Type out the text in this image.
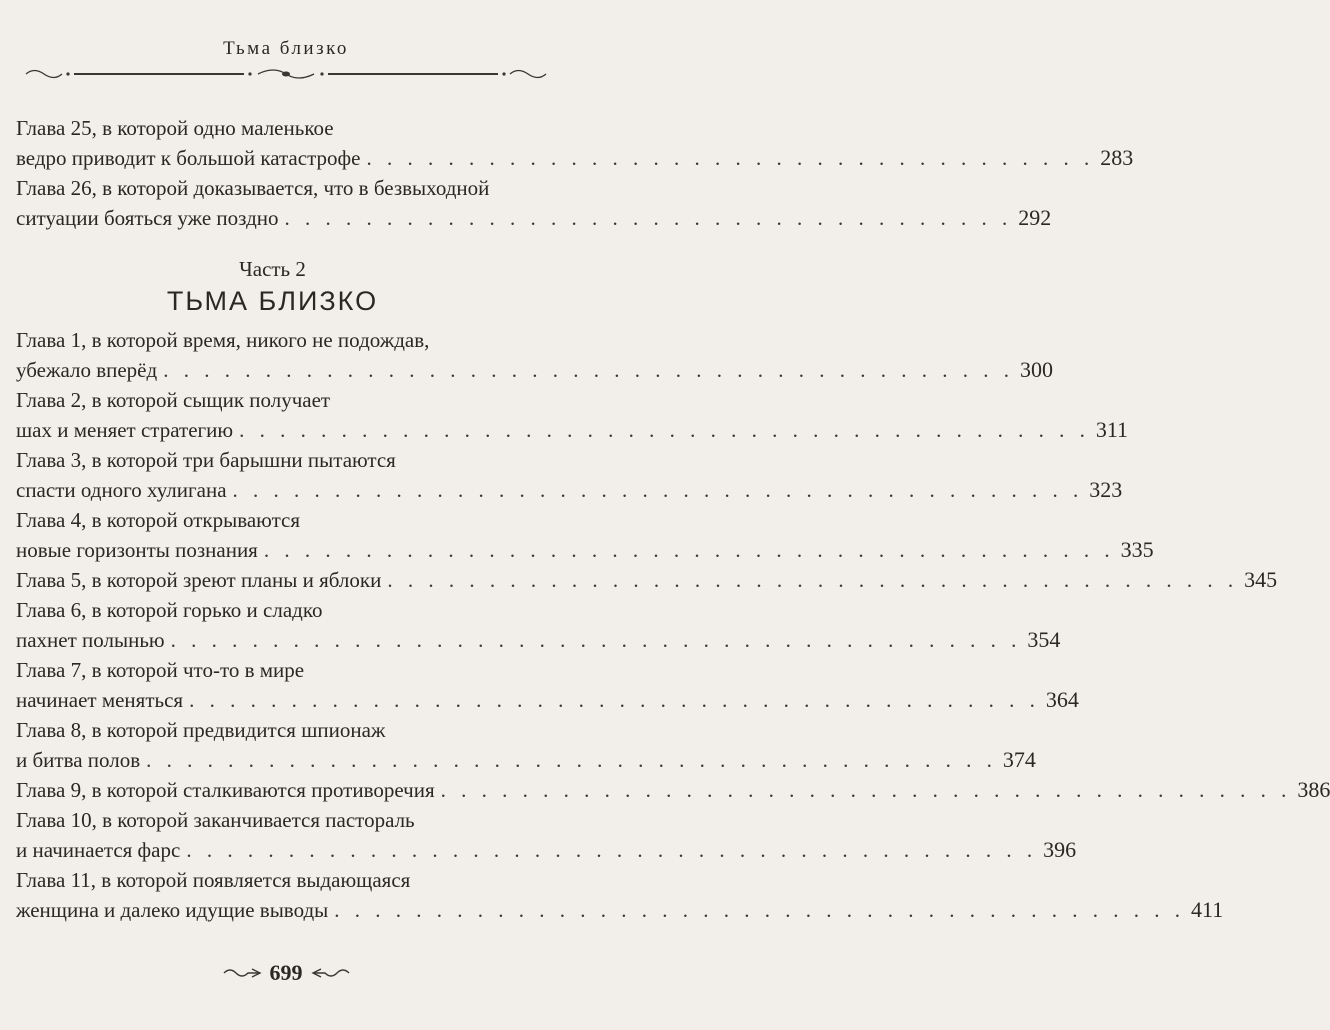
Тьма близко
Глава 25, в которой одно маленькое
ведро приводит к большой катастрофе . . . . . . . . . . . . . . . . . . . . . . . . . . . . . . . . . . . . 283
Глава 26, в которой доказывается, что в безвыходной
ситуации бояться уже поздно . . . . . . . . . . . . . . . . . . . . . . . . . . . . . . . . . . . . 292
Часть 2
ТЬМА БЛИЗКО
Глава 1, в которой время, никого не подождав,
убежало вперёд . . . . . . . . . . . . . . . . . . . . . . . . . . . . . . . . . . . . . . . . . . 300
Глава 2, в которой сыщик получает
шах и меняет стратегию . . . . . . . . . . . . . . . . . . . . . . . . . . . . . . . . . . . . . . . . . . 311
Глава 3, в которой три барышни пытаются
спасти одного хулигана . . . . . . . . . . . . . . . . . . . . . . . . . . . . . . . . . . . . . . . . . . 323
Глава 4, в которой открываются
новые горизонты познания . . . . . . . . . . . . . . . . . . . . . . . . . . . . . . . . . . . . . . . . . . 335
Глава 5, в которой зреют планы и яблоки . . . . . . . . . . . . . . . . . . . . . . . . . . . . . . . . . . . . . . . . . . 345
Глава 6, в которой горько и сладко
пахнет полынью . . . . . . . . . . . . . . . . . . . . . . . . . . . . . . . . . . . . . . . . . . 354
Глава 7, в которой что-то в мире
начинает меняться . . . . . . . . . . . . . . . . . . . . . . . . . . . . . . . . . . . . . . . . . . 364
Глава 8, в которой предвидится шпионаж
и битва полов . . . . . . . . . . . . . . . . . . . . . . . . . . . . . . . . . . . . . . . . . . 374
Глава 9, в которой сталкиваются противоречия . . . . . . . . . . . . . . . . . . . . . . . . . . . . . . . . . . . . . . . . . . 386
Глава 10, в которой заканчивается пастораль
и начинается фарс . . . . . . . . . . . . . . . . . . . . . . . . . . . . . . . . . . . . . . . . . . 396
Глава 11, в которой появляется выдающаяся
женщина и далеко идущие выводы . . . . . . . . . . . . . . . . . . . . . . . . . . . . . . . . . . . . . . . . . . 411
699
